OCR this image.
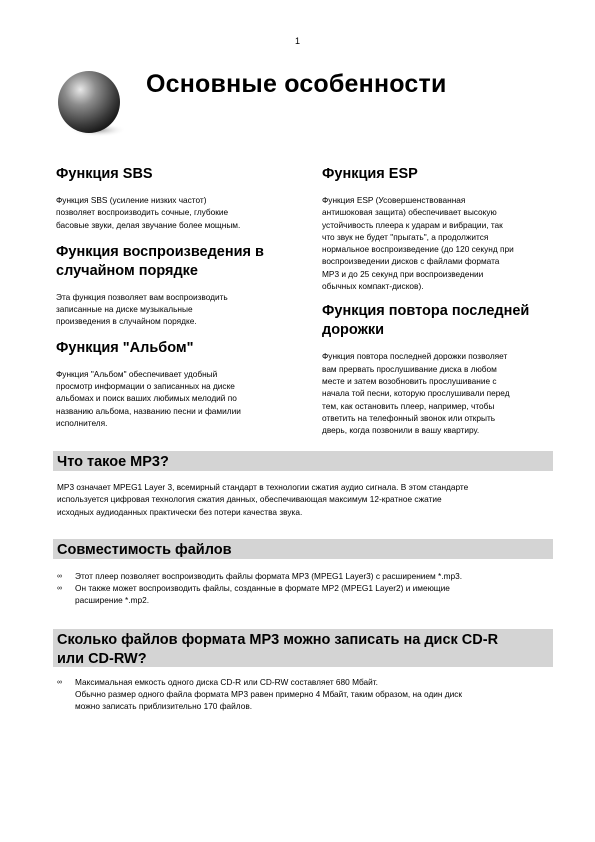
1
Основные особенности
Функция SBS
Функция SBS (усиление низких частот)
позволяет воспроизводить сочные, глубокие
басовые звуки, делая звучание более мощным.
Функция воспроизведения в
случайном порядке
Эта функция позволяет вам воспроизводить
записанные на диске музыкальные
произведения в случайном порядке.
Функция "Альбом"
Функция "Альбом" обеспечивает удобный
просмотр информации о записанных на диске
альбомах и поиск ваших любимых мелодий по
названию альбома, названию песни и фамилии
исполнителя.
Функция ESP
Функция ESP (Усовершенствованная
антишоковая защита) обеспечивает высокую
устойчивость плеера к ударам и вибрации, так
что звук не будет "прыгать", а продолжится
нормальное воспроизведение (до 120 секунд при
воспроизведении дисков с файлами формата
MP3 и до 25 секунд при воспроизведении
обычных компакт-дисков).
Функция повтора последней
дорожки
Функция повтора последней дорожки позволяет
вам прервать прослушивание диска в любом
месте и затем возобновить прослушивание с
начала той песни, которую прослушивали перед
тем, как остановить плеер, например, чтобы
ответить на телефонный звонок или открыть
дверь, когда позвонили в вашу квартиру.
Что такое MP3?
MP3 означает MPEG1 Layer 3, всемирный стандарт в технологии сжатия аудио сигнала. В этом стандарте
используется цифровая технология сжатия данных, обеспечивающая максимум 12-кратное сжатие
исходных аудиоданных практически без потери качества звука.
Совместимость файлов
∞ Этот плеер позволяет воспроизводить файлы формата MP3 (MPEG1 Layer3) с расширением *.mp3.
∞ Он также может воспроизводить файлы, созданные в формате MP2 (MPEG1 Layer2) и имеющие
расширение *.mp2.
Сколько файлов формата MP3 можно записать на диск CD-R
или CD-RW?
∞ Максимальная емкость одного диска CD-R или CD-RW составляет 680 Мбайт.
Обычно размер одного файла формата MP3 равен примерно 4 Мбайт, таким образом, на один диск
можно записать приблизительно 170 файлов.
